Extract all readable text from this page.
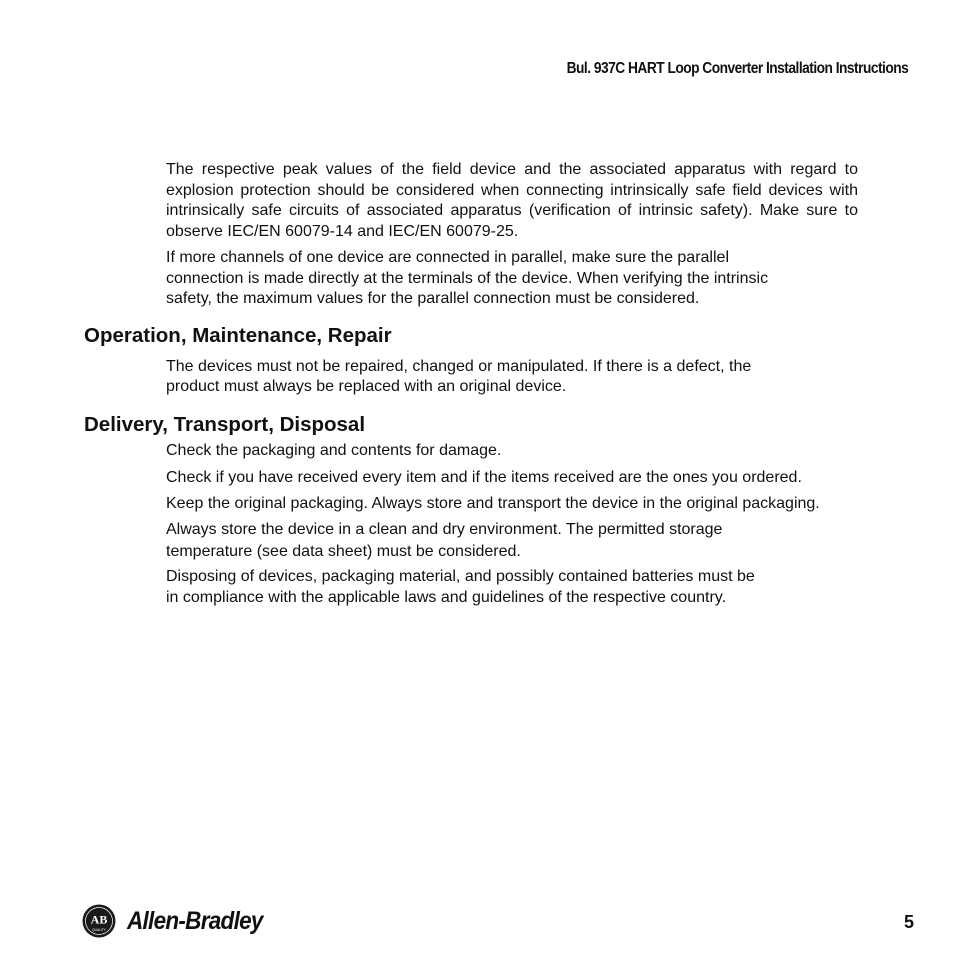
Bul. 937C HART Loop Converter Installation Instructions

The respective peak values of the field device and the associated apparatus with regard to explosion protection should be considered when connecting intrinsically safe field devices with intrinsically safe circuits of associated apparatus (verification of intrinsic safety). Make sure to observe IEC/EN 60079-14 and IEC/EN 60079-25.

If more channels of one device are connected in parallel, make sure the parallel
connection is made directly at the terminals of the device. When verifying the intrinsic
safety, the maximum values for the parallel connection must be considered.

Operation, Maintenance, Repair

The devices must not be repaired, changed or manipulated. If there is a defect, the
product must always be replaced with an original device.

Delivery, Transport, Disposal

Check the packaging and contents for damage.

Check if you have received every item and if the items received are the ones you ordered.

Keep the original packaging. Always store and transport the device in the original packaging.

Always store the device in a clean and dry environment. The permitted storage
temperature (see data sheet) must be considered.

Disposing of devices, packaging material, and possibly contained batteries must be
in compliance with the applicable laws and guidelines of the respective country.

AB
QUALITY Allen-Bradley	5
